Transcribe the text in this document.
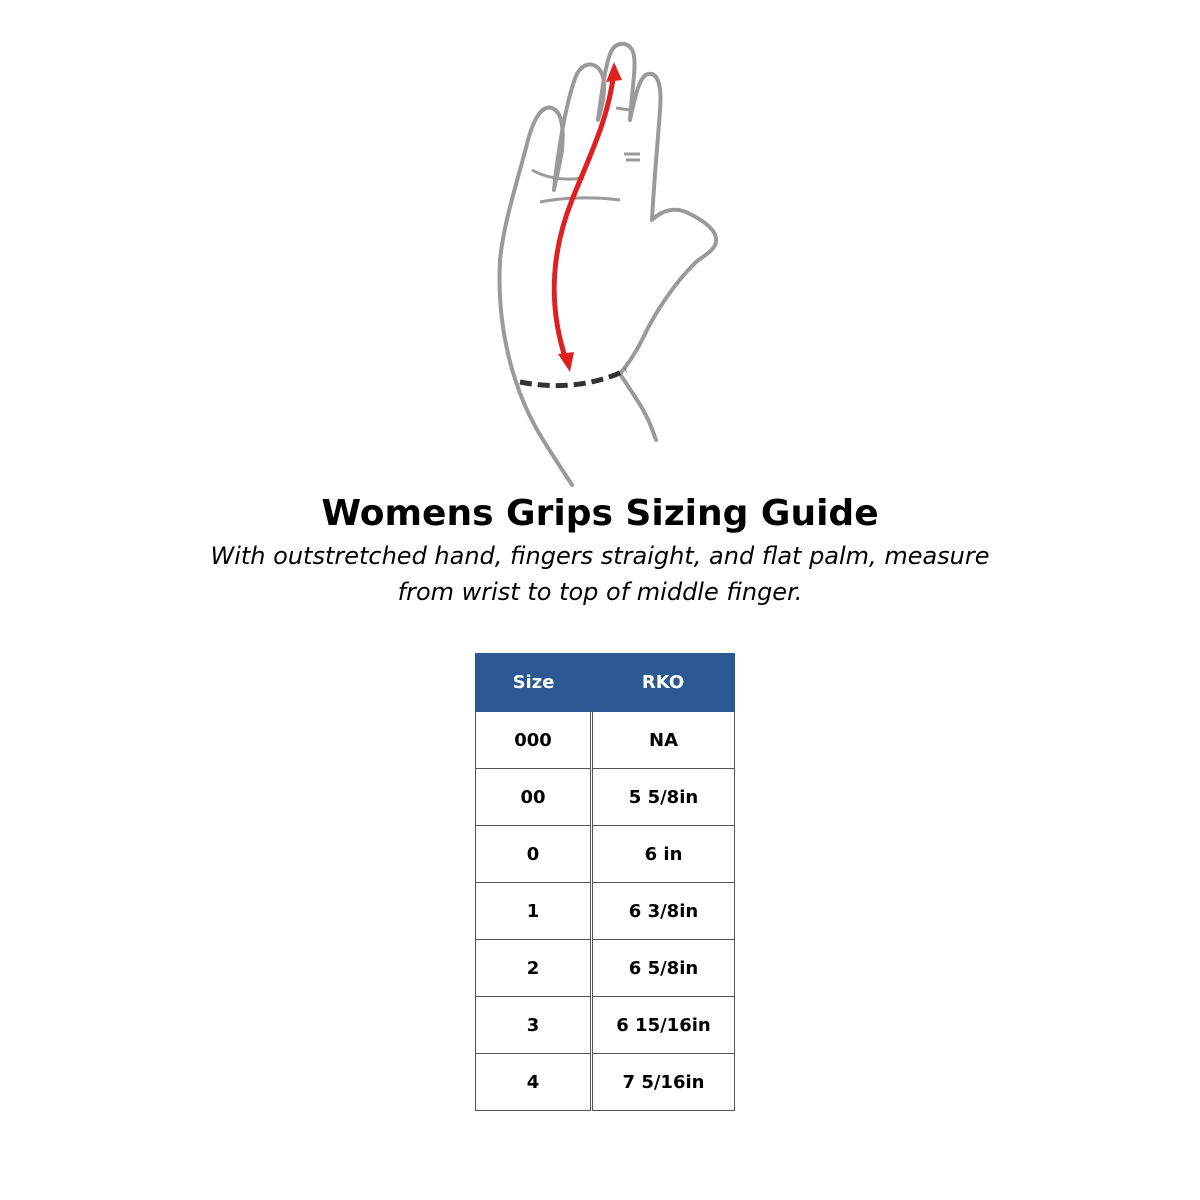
Womens Grips Sizing Guide
With outstretched hand, fingers straight, and flat palm, measure
from wrist to top of middle finger.
Size	RKO
000	NA
00	5 5/8in
0	6 in
1	6 3/8in
2	6 5/8in
3	6 15/16in
4	7 5/16in
